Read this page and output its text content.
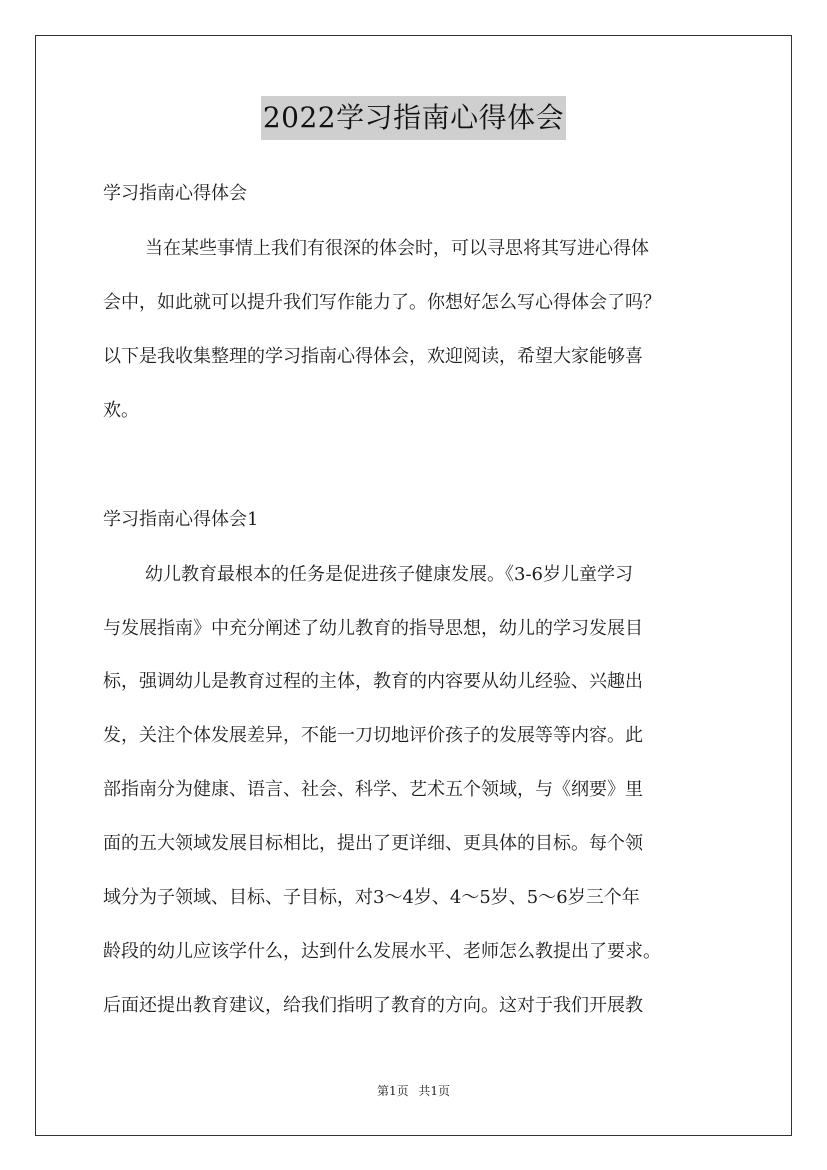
2022学习指南心得体会
学习指南心得体会
当在某些事情上我们有很深的体会时，可以寻思将其写进心得体
会中，如此就可以提升我们写作能力了。你想好怎么写心得体会了吗？
以下是我收集整理的学习指南心得体会，欢迎阅读，希望大家能够喜
欢。
学习指南心得体会1
幼儿教育最根本的任务是促进孩子健康发展。《3-6岁儿童学习
与发展指南》中充分阐述了幼儿教育的指导思想，幼儿的学习发展目
标，强调幼儿是教育过程的主体，教育的内容要从幼儿经验、兴趣出
发，关注个体发展差异，不能一刀切地评价孩子的发展等等内容。此
部指南分为健康、语言、社会、科学、艺术五个领域，与《纲要》里
面的五大领域发展目标相比，提出了更详细、更具体的目标。每个领
域分为子领域、目标、子目标，对3～4岁、4～5岁、5～6岁三个年
龄段的幼儿应该学什么，达到什么发展水平、老师怎么教提出了要求。
后面还提出教育建议，给我们指明了教育的方向。这对于我们开展教
第1页 共1页
